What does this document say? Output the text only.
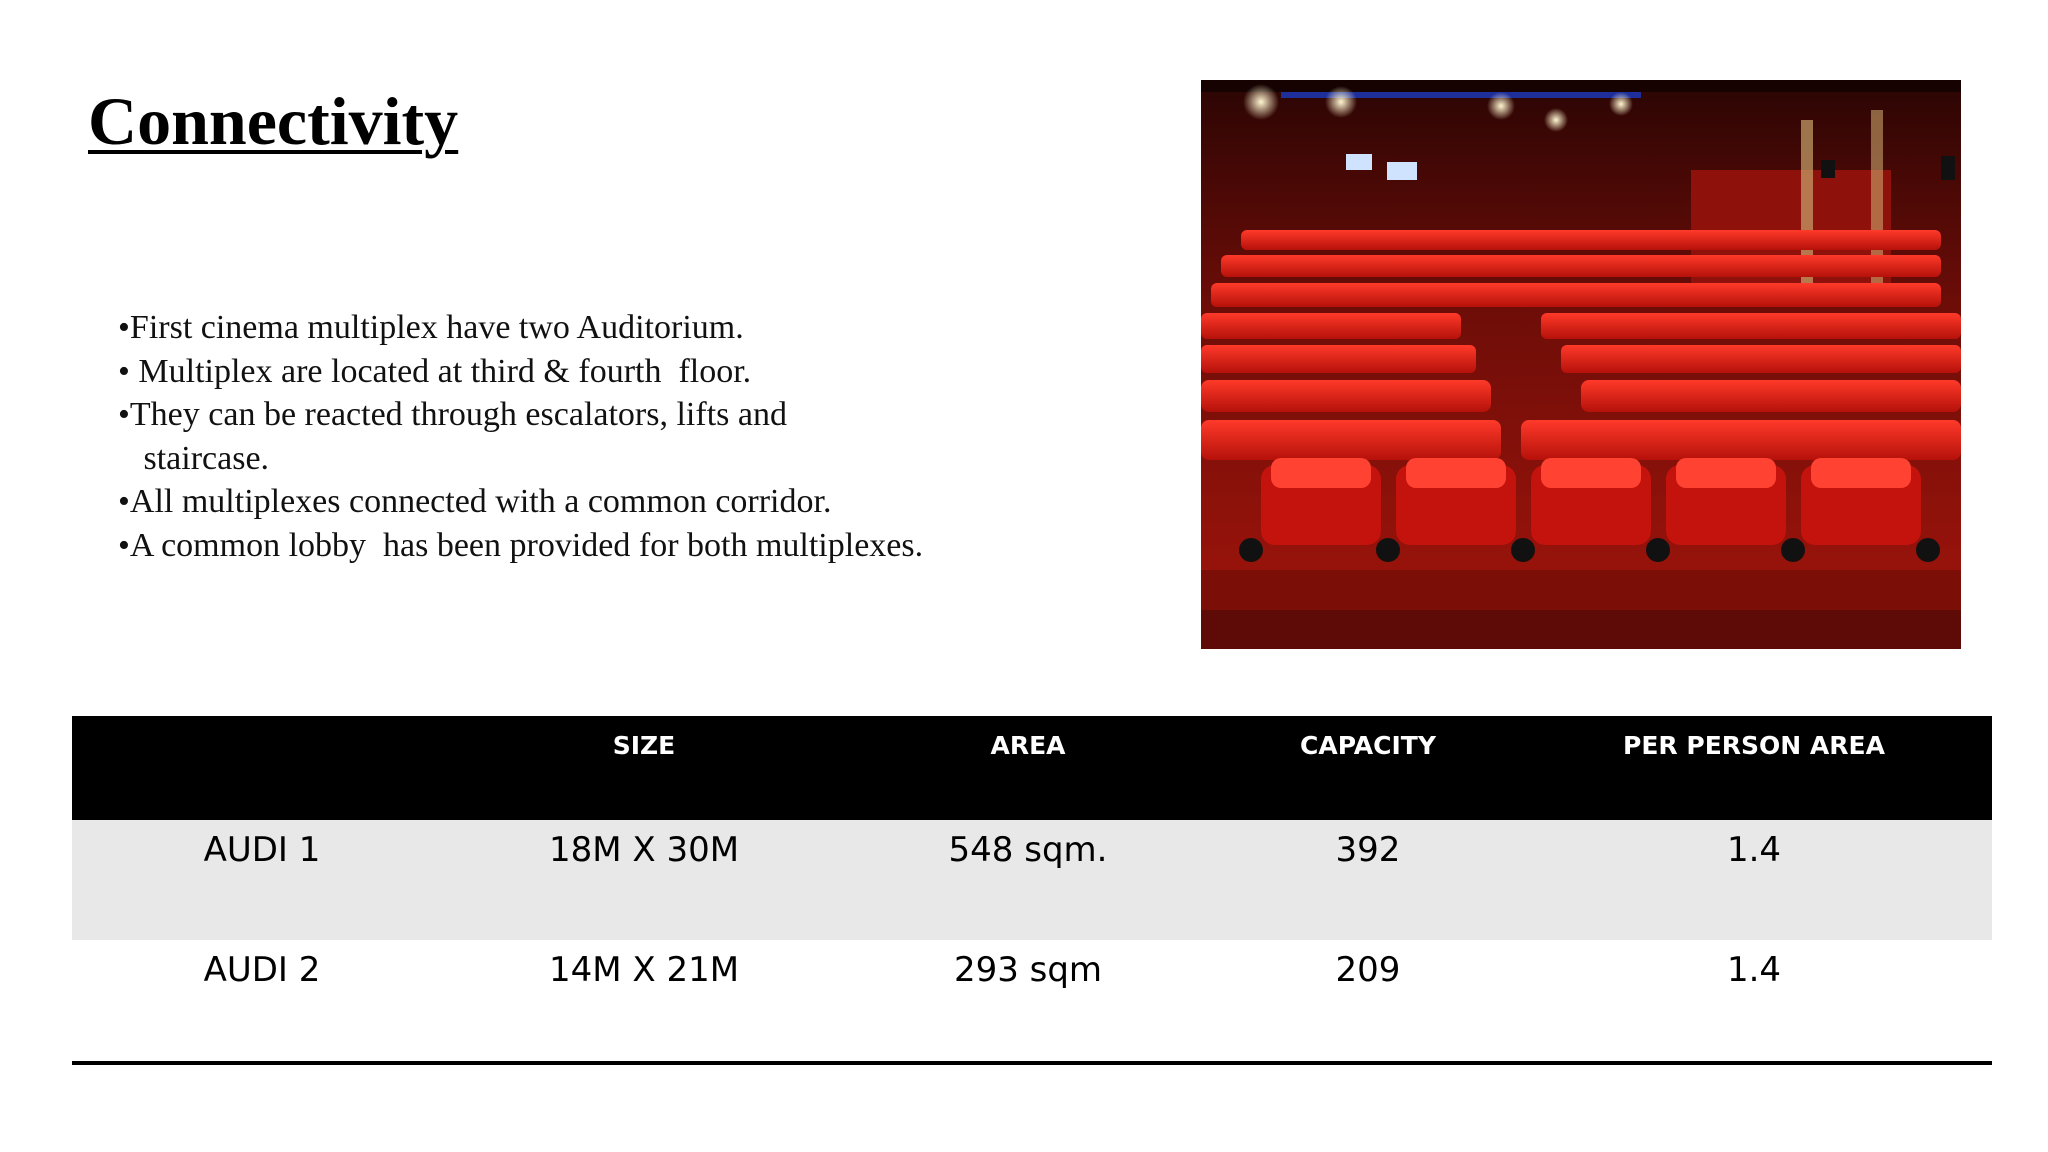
Connectivity
•First cinema multiplex have two Auditorium.
• Multiplex are located at third & fourth  floor.
•They can be reacted through escalators, lifts and
staircase.
•All multiplexes connected with a common corridor.
•A common lobby  has been provided for both multiplexes.
	SIZE	AREA	CAPACITY	PER PERSON AREA
AUDI 1	18M X 30M	548 sqm.	392	1.4
AUDI 2	14M X 21M	293 sqm	209	1.4
